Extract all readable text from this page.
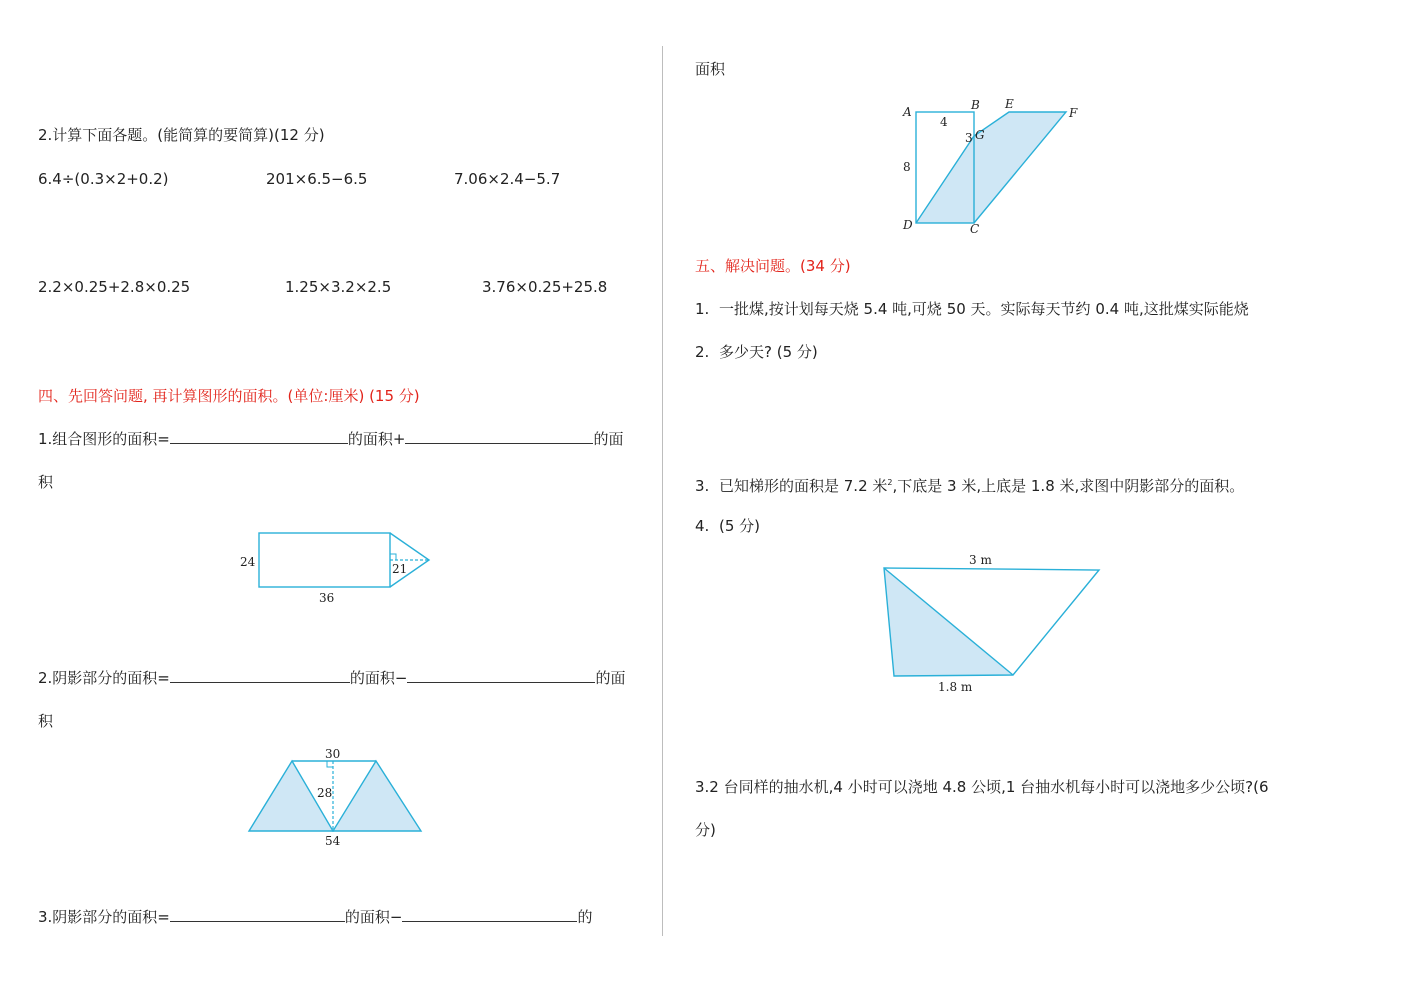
2.计算下面各题。(能简算的要简算)(12 分)
6.4÷(0.3×2+0.2)	201×6.5−6.5	7.06×2.4−5.7
2.2×0.25+2.8×0.25	1.25×3.2×2.5	3.76×0.25+25.8
四、先回答问题, 再计算图形的面积。(单位:厘米) (15 分)
1.组合图形的面积=	的面积+	的面
积
24	21
36
2.阴影部分的面积=	的面积−	的面
积
30
28
54
3.阴影部分的面积=	的面积−	的
面积
A	B E
F
G
D	C
4
3
8
五、解决问题。(34 分)
1. 一批煤,按计划每天烧 5.4 吨,可烧 50 天。实际每天节约 0.4 吨,这批煤实际能烧
2. 多少天? (5 分)
3. 已知梯形的面积是 7.2 米$^2$,下底是 3 米,上底是 1.8 米,求图中阴影部分的面积。
4. (5 分)
3 m
1.8 m
3.2 台同样的抽水机,4 小时可以浇地 4.8 公顷,1 台抽水机每小时可以浇地多少公顷?(6
分)
